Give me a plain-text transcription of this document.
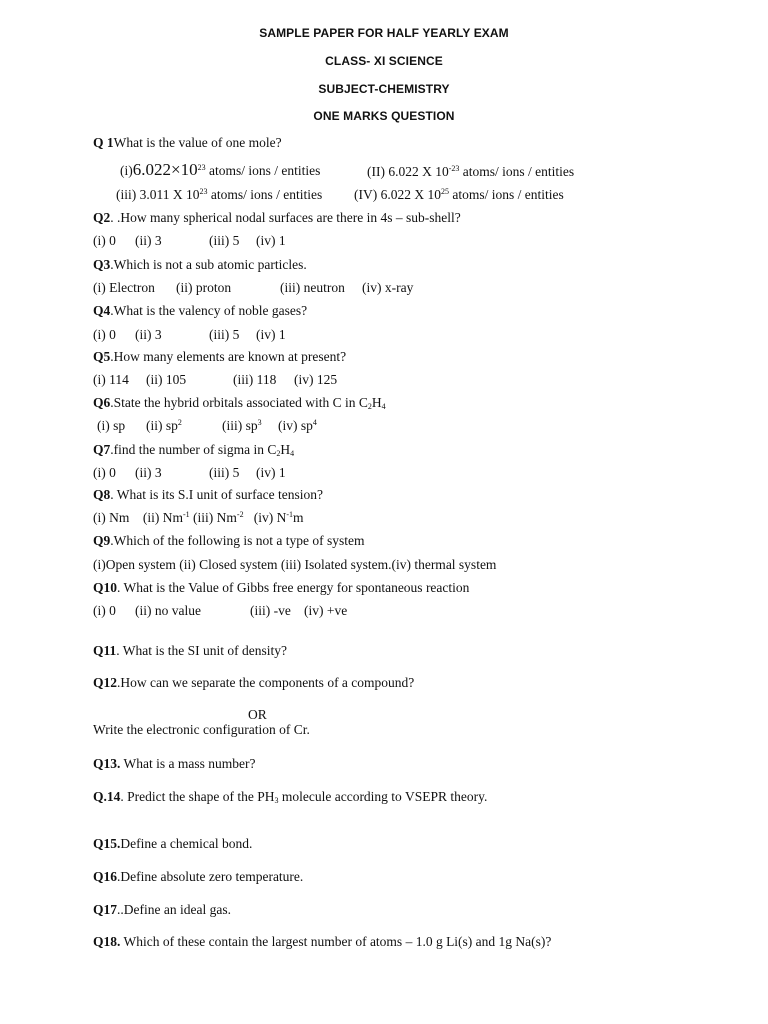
SAMPLE PAPER FOR HALF YEARLY EXAM
CLASS- XI SCIENCE
SUBJECT-CHEMISTRY
ONE MARKS QUESTION
Q 1What is the value of one mole?
$(i)6.022\times 10^{23}$ atoms/ ions / entities	(II) 6.022 X $10^{-23}$ atoms/ ions / entities
(iii) 3.011 X $10^{23}$ atoms/ ions / entities (IV) 6.022 X $10^{25}$ atoms/ ions / entities
Q2. .How many spherical nodal surfaces are there in 4s – sub-shell?
(i) 0 (ii) 3	(iii) 5 (iv) 1
Q3.Which is not a sub atomic particles.
(i) Electron (ii) proton	(iii) neutron (iv) x-ray
Q4.What is the valency of noble gases?
(i) 0 (ii) 3	(iii) 5 (iv) 1
Q5.How many elements are known at present?
(i) 114 (ii) 105	(iii) 118 (iv) 125
Q6.State the hybrid orbitals associated with C in $C_2H_4$
(i) sp (ii) $sp^2$	(iii) $sp^3$ (iv) $sp^4$
Q7.find the number of sigma in $C_2H_4$
(i) 0 (ii) 3	(iii) 5 (iv) 1
Q8. What is its S.I unit of surface tension?
(i) Nm (ii) $Nm^{-1}$ (iii) $Nm^{-2}$ (iv) $N^{-1}m$
Q9.Which of the following is not a type of system
(i)Open system (ii) Closed system (iii) Isolated system.(iv) thermal system
Q10. What is the Value of Gibbs free energy for spontaneous reaction
(i) 0 (ii) no value	(iii) -ve (iv) +ve
Q11. What is the SI unit of density?
Q12.How can we separate the components of a compound?
OR
Write the electronic configuration of Cr.
Q13. What is a mass number?
Q.14. Predict the shape of the $PH_3$ molecule according to VSEPR theory.
Q15.Define a chemical bond.
Q16.Define absolute zero temperature.
Q17..Define an ideal gas.
Q18. Which of these contain the largest number of atoms – 1.0 g Li(s) and 1g Na(s)?
